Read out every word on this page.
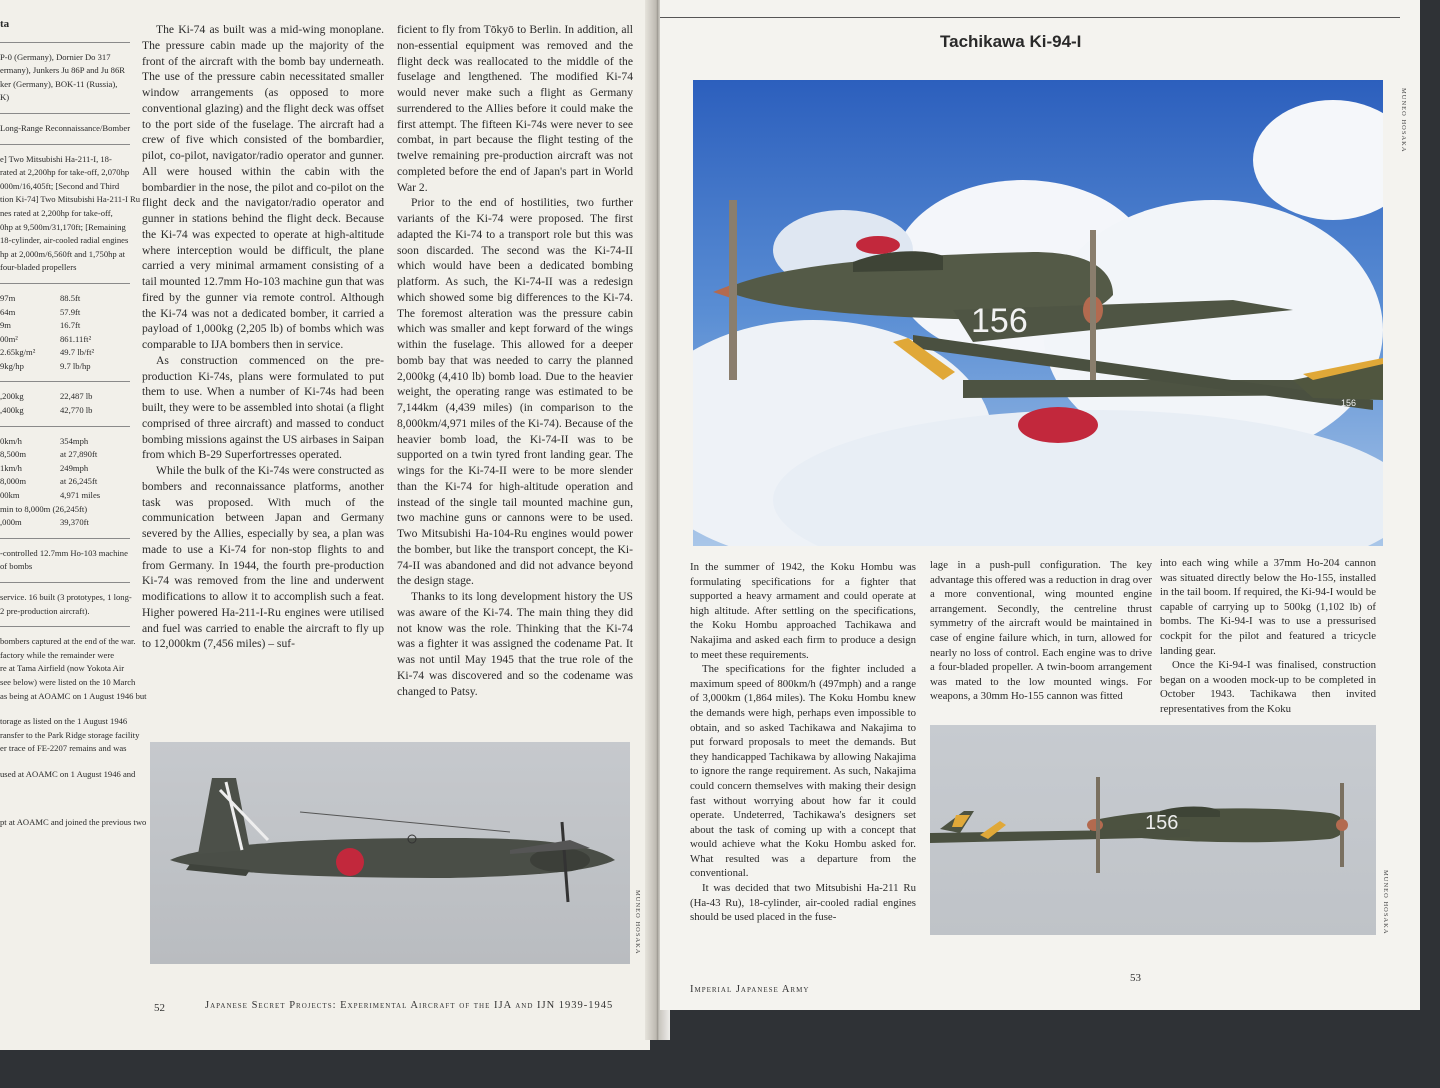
ta

P-0 (Germany), Dornier Do 317

ermany), Junkers Ju 86P and Ju 86R

ker (Germany), BOK-11 (Russia),

K)

Long-Range Reconnaissance/Bomber

e] Two Mitsubishi Ha-211-I, 18-

rated at 2,200hp for take-off, 2,070hp

000m/16,405ft; [Second and Third

tion Ki-74] Two Mitsubishi Ha-211-I Ru

nes rated at 2,200hp for take-off,

0hp at 9,500m/31,170ft; [Remaining

18-cylinder, air-cooled radial engines

hp at 2,000m/6,560ft and 1,750hp at

four-bladed propellers

97m	88.5ft

64m	57.9ft

9m	16.7ft

00m²	861.11ft²

2.65kg/m²	49.7 lb/ft²

9kg/hp	9.7 lb/hp

,200kg	22,487 lb

,400kg	42,770 lb

0km/h	354mph

8,500m	at 27,890ft

1km/h	249mph

8,000m	at 26,245ft

00km	4,971 miles

min to 8,000m (26,245ft)

,000m	39,370ft

-controlled 12.7mm Ho-103 machine

of bombs

service. 16 built (3 prototypes, 1 long-

2 pre-production aircraft).

bombers captured at the end of the war.

factory while the remainder were

re at Tama Airfield (now Yokota Air

see below) were listed on the 10 March

as being at AOAMC on 1 August 1946 but

torage as listed on the 1 August 1946

ransfer to the Park Ridge storage facility

er trace of FE-2207 remains and was

used at AOAMC on 1 August 1946 and

pt at AOAMC and joined the previous two

The Ki-74 as built was a mid-wing monoplane. The pressure cabin made up the majority of the front of the aircraft with the bomb bay underneath. The use of the pressure cabin necessitated smaller window arrangements (as opposed to more conventional glazing) and the flight deck was offset to the port side of the fuselage. The aircraft had a crew of five which consisted of the bombardier, pilot, co-pilot, navigator/radio operator and gunner. All were housed within the cabin with the bombardier in the nose, the pilot and co-pilot on the flight deck and the navigator/radio operator and gunner in stations behind the flight deck. Because the Ki-74 was expected to operate at high-altitude where interception would be difficult, the plane carried a very minimal armament consisting of a tail mounted 12.7mm Ho-103 machine gun that was fired by the gunner via remote control. Although the Ki-74 was not a dedicated bomber, it carried a payload of 1,000kg (2,205 lb) of bombs which was comparable to IJA bombers then in service.

As construction commenced on the pre-production Ki-74s, plans were formulated to put them to use. When a number of Ki-74s had been built, they were to be assembled into shotai (a flight comprised of three aircraft) and massed to conduct bombing missions against the US airbases in Saipan from which B-29 Superfortresses operated.

While the bulk of the Ki-74s were constructed as bombers and reconnaissance platforms, another task was proposed. With much of the communication between Japan and Germany severed by the Allies, especially by sea, a plan was made to use a Ki-74 for non-stop flights to and from Germany. In 1944, the fourth pre-production Ki-74 was removed from the line and underwent modifications to allow it to accomplish such a feat. Higher powered Ha-211-I-Ru engines were utilised and fuel was carried to enable the aircraft to fly up to 12,000km (7,456 miles) – suf-

ficient to fly from Tōkyō to Berlin. In addition, all non-essential equipment was removed and the flight deck was reallocated to the middle of the fuselage and lengthened. The modified Ki-74 would never make such a flight as Germany surrendered to the Allies before it could make the first attempt. The fifteen Ki-74s were never to see combat, in part because the flight testing of the twelve remaining pre-production aircraft was not completed before the end of Japan's part in World War 2.

Prior to the end of hostilities, two further variants of the Ki-74 were proposed. The first adapted the Ki-74 to a transport role but this was soon discarded. The second was the Ki-74-II which would have been a dedicated bombing platform. As such, the Ki-74-II was a redesign which showed some big differences to the Ki-74. The foremost alteration was the pressure cabin which was smaller and kept forward of the wings within the fuselage. This allowed for a deeper bomb bay that was needed to carry the planned 2,000kg (4,410 lb) bomb load. Due to the heavier weight, the operating range was estimated to be 7,144km (4,439 miles) (in comparison to the 8,000km/4,971 miles of the Ki-74). Because of the heavier bomb load, the Ki-74-II was to be supported on a twin tyred front landing gear. The wings for the Ki-74-II were to be more slender than the Ki-74 for high-altitude operation and instead of the single tail mounted machine gun, two machine guns or cannons were to be used. Two Mitsubishi Ha-104-Ru engines would power the bomber, but like the transport concept, the Ki-74-II was abandoned and did not advance beyond the design stage.

Thanks to its long development history the US was aware of the Ki-74. The main thing they did not know was the role. Thinking that the Ki-74 was a fighter it was assigned the codename Pat. It was not until May 1945 that the true role of the Ki-74 was discovered and so the codename was changed to Patsy.

MUNEO HOSAKA
52	Japanese Secret Projects: Experimental Aircraft of the IJA and IJN 1939-1945
Tachikawa Ki-94-I
156
156
MUNEO HOSAKA

In the summer of 1942, the Koku Hombu was formulating specifications for a fighter that supported a heavy armament and could operate at high altitude. After settling on the specifications, the Koku Hombu approached Tachikawa and Nakajima and asked each firm to produce a design to meet these requirements.

The specifications for the fighter included a maximum speed of 800km/h (497mph) and a range of 3,000km (1,864 miles). The Koku Hombu knew the demands were high, perhaps even impossible to obtain, and so asked Tachikawa and Nakajima to put forward proposals to meet the demands. But they handicapped Tachikawa by allowing Nakajima to ignore the range requirement. As such, Nakajima could concern themselves with making their design fast without worrying about how far it could operate. Undeterred, Tachikawa's designers set about the task of coming up with a concept that would achieve what the Koku Hombu asked for. What resulted was a departure from the conventional.

It was decided that two Mitsubishi Ha-211 Ru (Ha-43 Ru), 18-cylinder, air-cooled radial engines should be used placed in the fuse-

lage in a push-pull configuration. The key advantage this offered was a reduction in drag over a more conventional, wing mounted engine arrangement. Secondly, the centreline thrust symmetry of the aircraft would be maintained in case of engine failure which, in turn, allowed for nearly no loss of control. Each engine was to drive a four-bladed propeller. A twin-boom arrangement was mated to the low mounted wings. For weapons, a 30mm Ho-155 cannon was fitted

into each wing while a 37mm Ho-204 cannon was situated directly below the Ho-155, installed in the tail boom. If required, the Ki-94-I would be capable of carrying up to 500kg (1,102 lb) of bombs. The Ki-94-I was to use a pressurised cockpit for the pilot and featured a tricycle landing gear.

Once the Ki-94-I was finalised, construction began on a wooden mock-up to be completed in October 1943. Tachikawa then invited representatives from the Koku

156
MUNEO HOSAKA
Imperial Japanese Army
53
